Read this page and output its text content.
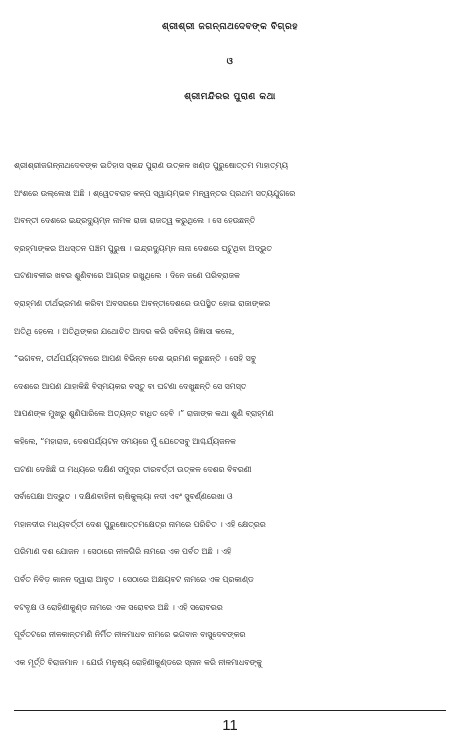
ଶ୍ରୀଶ୍ରୀ ଜଗନ୍ନାଥଦେବଙ୍କ ବିଗ୍ରହ
ଓ
ଶ୍ରୀମନ୍ଦିରର ପୁରାଣ କଥା
ଶ୍ରୀଶ୍ରୀଜଗନ୍ନାଥଦେବଙ୍କ ଇତିହାସ ସ୍କନ୍ଦ ପୁରାଣ ଉତ୍କଳ ଖଣ୍ଡ ପୁରୁଷୋତ୍ତମ ମାହାତ୍ମ୍ୟ
ଅଂଶରେ ଉଲ୍ଲେଖ ଅଛି । ଶ୍ୱେତବରାହ କଳ୍ପ ସ୍ୱାୟମ୍ଭବ ମନ୍ୱନ୍ତର ପ୍ରଥମ ସତ୍ୟଯୁଗରେ
ଅବନ୍ତୀ ଦେଶରେ ଇନ୍ଦ୍ରଦ୍ୟୁମ୍ନ ନାମକ ରାଜା ରାଜତ୍ୱ କରୁଥିଲେ । ସେ ହେଉଛନ୍ତି
ବ୍ରହ୍ମାଙ୍କର ଅଧସ୍ତନ ପଞ୍ଚମ ପୁରୁଷ । ଇନ୍ଦ୍ରଦ୍ୟୁମ୍ନ ନାନା ଦେଶରେ ଘଟୁଥିବା ଅଦ୍ଭୁତ
ଘଟଣାବଳୀର ଖବର ଶୁଣିବାରେ ଆଗ୍ରହ ରଖୁଥିଲେ । ଦିନେ ଜଣେ ପରିବ୍ରାଜକ
ବ୍ରାହ୍ମଣ ତୀର୍ଥଭ୍ରମଣ କରିବା ଅବସରରେ ଅବନ୍ତୀଦେଶରେ ଉପସ୍ଥିତ ହୋଇ ରାଜାଙ୍କର
ଅତିଥି ହେଲେ । ଅତିଥିଙ୍କର ଯଥୋଚିତ ଆଦର କରି ସବିନୟ ଜିଜ୍ଞାସା କଲେ,
“ଭଗବନ, ତୀର୍ଥପର୍ଯ୍ୟଟନରେ ଆପଣ ବିଭିନ୍ନ ଦେଶ ଭ୍ରମଣ କରୁଛନ୍ତି । ସେହି ସବୁ
ଦେଶରେ ଆପଣ ଯାହାକିଛି ବିସ୍ମୟକର ବସ୍ତୁ ବା ଘଟଣା ଦେଖୁଛନ୍ତି ସେ ସମସ୍ତ
ଆପଣଙ୍କ ମୁଖରୁ ଶୁଣିପାରିଲେ ଅତ୍ୟନ୍ତ ବାଧିତ ହେବି ।” ରାଜାଙ୍କ କଥା ଶୁଣି ବ୍ରାହ୍ମଣ
କହିଲେ, “ମହାରାଜ, ଦେଶପର୍ଯ୍ୟଟନ ସମୟରେ ମୁଁ ଯେତେସବୁ ଆଶ୍ଚର୍ଯ୍ୟଜନକ
ଘଟଣା ଦେଖିଛି ତା ମଧ୍ୟରେ ଦକ୍ଷିଣ ସମୁଦ୍ର ତୀରବର୍ତ୍ତୀ ଉତ୍କଳ ଦେଶର ବିବରଣୀ
ସର୍ବାପେକ୍ଷା ଅଦ୍ଭୁତ । ଦକ୍ଷିଣବାହିନୀ ଋଷିକୁଲ୍ୟା ନଦୀ ଏବଂ ସୁବର୍ଣ୍ଣରେଖା ଓ
ମହାନଦୀର ମଧ୍ୟବର୍ତ୍ତୀ ଦେଶ ପୁରୁଷୋତ୍ତମକ୍ଷେତ୍ର ନାମରେ ପରିଚିତ । ଏହି କ୍ଷେତ୍ରର
ପରିମାଣ ଦଶ ଯୋଜନ । ସେଠାରେ ନୀଳଗିରି ନାମରେ ଏକ ପର୍ବତ ଅଛି । ଏହି
ପର୍ବତ ନିବିଡ଼ କାନନ ଦ୍ୱାରା ଆବୃତ । ସେଠାରେ ଅକ୍ଷୟବଟ ନାମରେ ଏକ ପ୍ରକାଣ୍ଡ
ବଟବୃକ୍ଷ ଓ ରୋହିଣୀକୁଣ୍ଡ ନାମରେ ଏକ ସରୋବର ଅଛି । ଏହି ସରୋବରର
ପୂର୍ବତଟରେ ନୀଳକାନ୍ତମଣି ନିର୍ମିତ ନୀଳମାଧବ ନାମରେ ଭଗବାନ ବାସୁଦେବଙ୍କର
ଏକ ମୂର୍ତ୍ତି ବିରାଜମାନ । ଯେଉଁ ମନୁଷ୍ୟ ରୋହିଣୀକୁଣ୍ଡରେ ସ୍ନାନ କରି ନୀଳମାଧବଙ୍କୁ
11
